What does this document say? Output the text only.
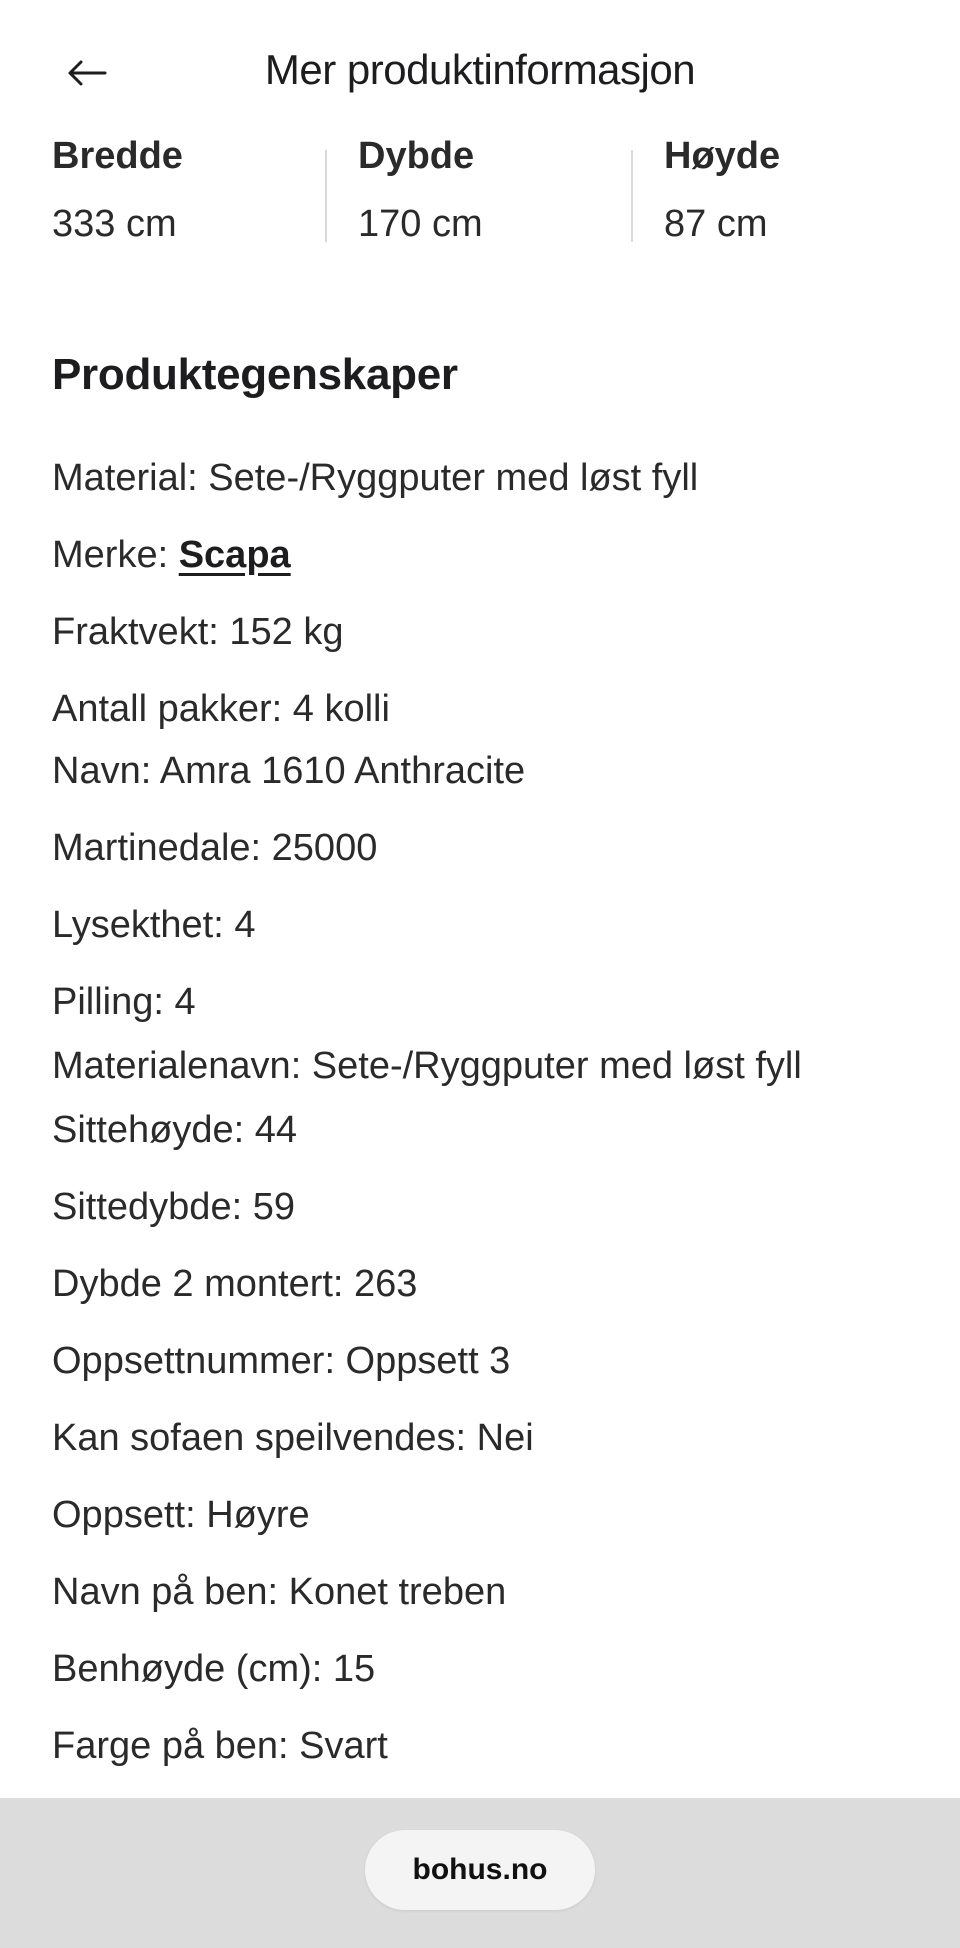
Mer produktinformasjon
Bredde
333 cm
Dybde
170 cm
Høyde
87 cm
Produktegenskaper
Material: Sete-/Ryggputer med løst fyll
Merke: Scapa
Fraktvekt: 152 kg
Antall pakker: 4 kolli
Navn: Amra 1610 Anthracite
Martinedale: 25000
Lysekthet: 4
Pilling: 4
Materialenavn: Sete-/Ryggputer med løst fyll
Sittehøyde: 44
Sittedybde: 59
Dybde 2 montert: 263
Oppsettnummer: Oppsett 3
Kan sofaen speilvendes: Nei
Oppsett: Høyre
Navn på ben: Konet treben
Benhøyde (cm): 15
Farge på ben: Svart
bohus.no
